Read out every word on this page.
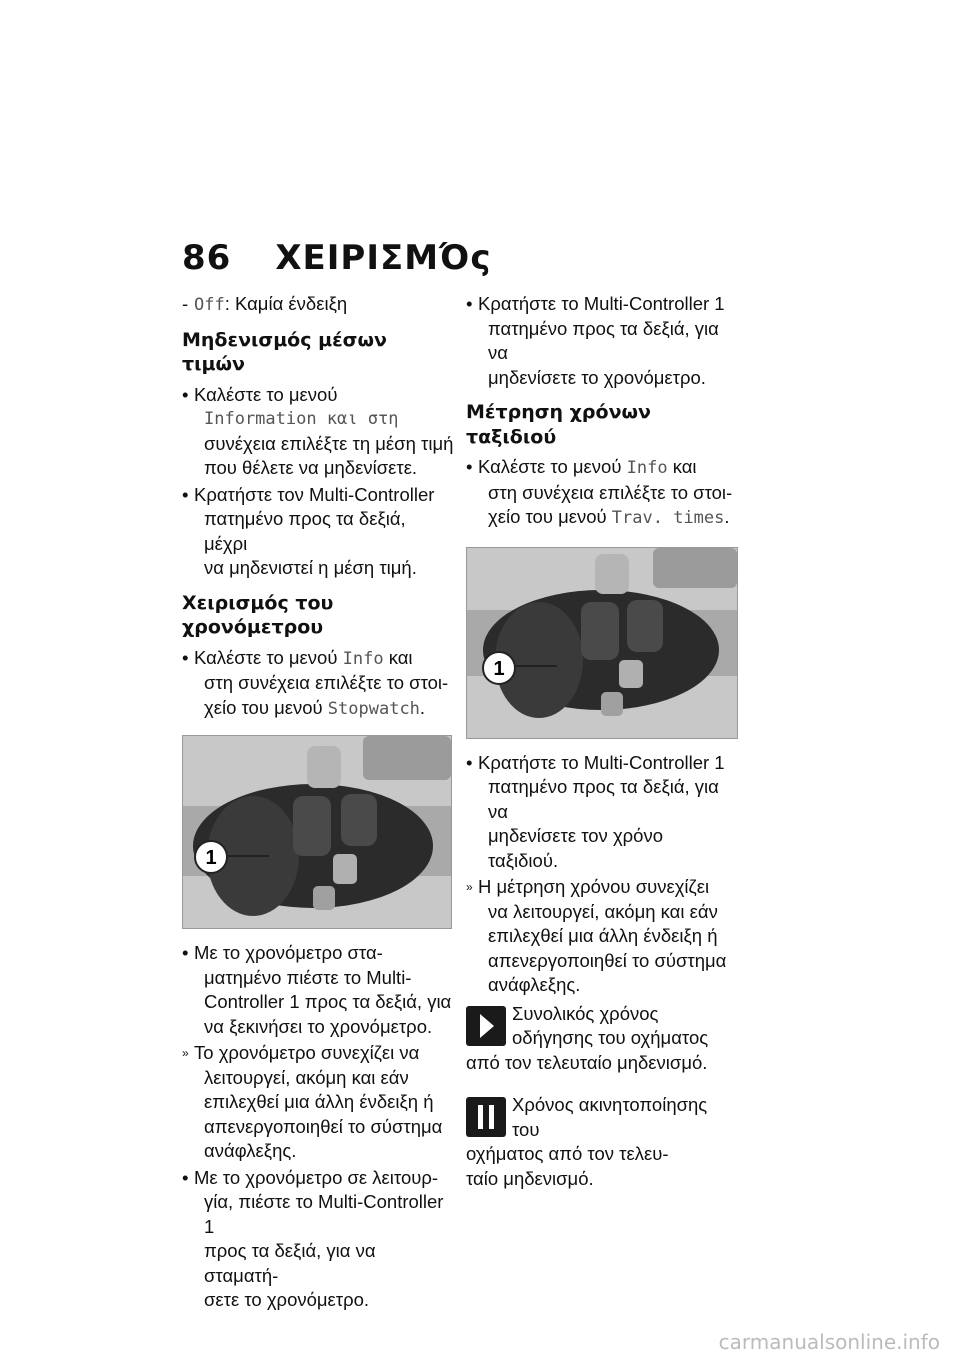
86 ΧΕΙΡΙΣΜΌς
- Off: Καμία ένδειξη
Μηδενισμός μέσων τιμών
• Καλέστε το μενού
Information και στη
συνέχεια επιλέξτε τη μέση τιμή
που θέλετε να μηδενίσετε.
• Κρατήστε τον Multi-Controller
πατημένο προς τα δεξιά, μέχρι
να μηδενιστεί η μέση τιμή.
Χειρισμός του χρονόμετρου
• Καλέστε το μενού Info και
στη συνέχεια επιλέξτε το στοι-
χείο του μενού Stopwatch.
1
• Με το χρονόμετρο στα-
ματημένο πιέστε το Multi-
Controller 1 προς τα δεξιά, για
να ξεκινήσει το χρονόμετρο.
» Το χρονόμετρο συνεχίζει να
λειτουργεί, ακόμη και εάν
επιλεχθεί μια άλλη ένδειξη ή
απενεργοποιηθεί το σύστημα
ανάφλεξης.
• Με το χρονόμετρο σε λειτουρ-
γία, πιέστε το Multi-Controller 1
προς τα δεξιά, για να σταματή-
σετε το χρονόμετρο.
• Κρατήστε το Multi-Controller 1
πατημένο προς τα δεξιά, για να
μηδενίσετε το χρονόμετρο.
Μέτρηση χρόνων ταξιδιού
• Καλέστε το μενού Info και
στη συνέχεια επιλέξτε το στοι-
χείο του μενού Trav. times.
1
• Κρατήστε το Multi-Controller 1
πατημένο προς τα δεξιά, για να
μηδενίσετε τον χρόνο ταξιδιού.
» Η μέτρηση χρόνου συνεχίζει
να λειτουργεί, ακόμη και εάν
επιλεχθεί μια άλλη ένδειξη ή
απενεργοποιηθεί το σύστημα
ανάφλεξης.

Συνολικός χρόνος
οδήγησης του οχήματος
από τον τελευταίο μηδενισμό.

Χρόνος ακινητοποίησης του
οχήματος από τον τελευ-
ταίο μηδενισμό.

carmanualsonline.info
